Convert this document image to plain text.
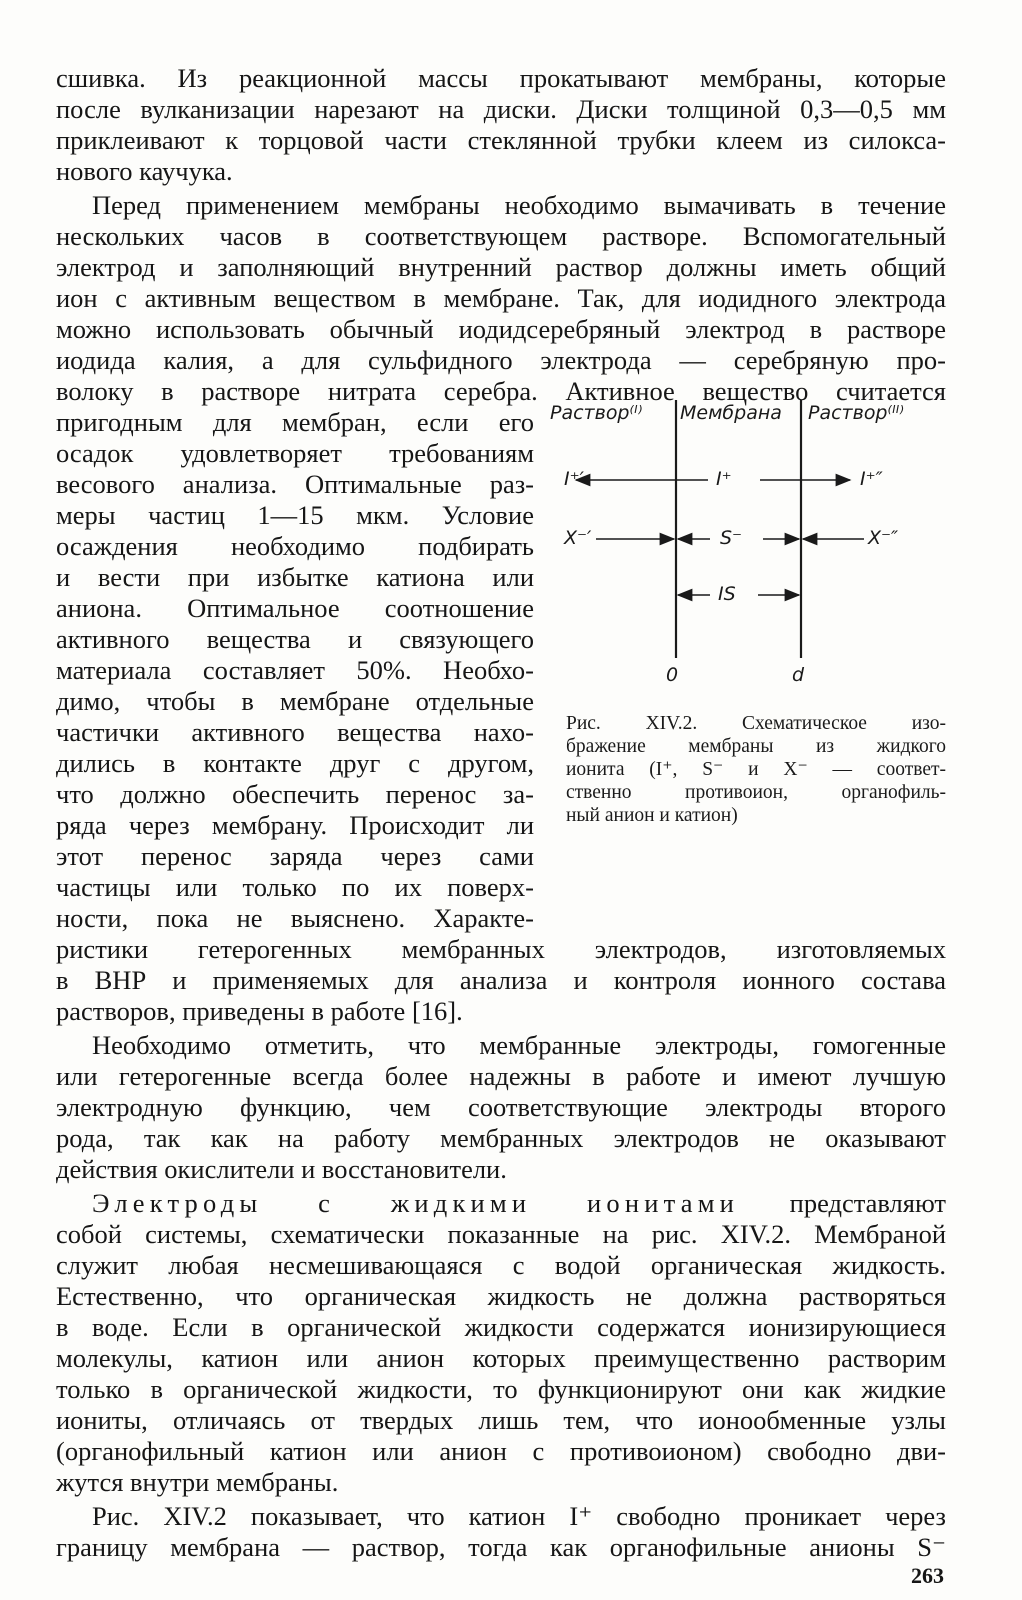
сшивка. Из реакционной массы прокатывают мембраны, которые
после вулканизации нарезают на диски. Диски толщиной 0,3—0,5 мм
приклеивают к торцовой части стеклянной трубки клеем из силокса-
нового каучука.
Перед применением мембраны необходимо вымачивать в течение
нескольких часов в соответствующем растворе. Вспомогательный
электрод и заполняющий внутренний раствор должны иметь общий
ион с активным веществом в мембране. Так, для иодидного электрода
можно использовать обычный иодидсеребряный электрод в растворе
иодида калия, а для сульфидного электрода — серебряную про-
волоку в растворе нитрата серебра. Активное вещество считается
пригодным для мембран, если его
осадок удовлетворяет требованиям
весового анализа. Оптимальные раз-
меры частиц 1—15 мкм. Условие
осаждения необходимо подбирать
и вести при избытке катиона или
аниона. Оптимальное соотношение
активного вещества и связующего
материала составляет 50%. Необхо-
димо, чтобы в мембране отдельные
частички активного вещества нахо-
дились в контакте друг с другом,
что должно обеспечить перенос за-
ряда через мембрану. Происходит ли
этот перенос заряда через сами
частицы или только по их поверх-
ности, пока не выяснено. Характе-
ристики гетерогенных мембранных электродов, изготовляемых
в ВНР и применяемых для анализа и контроля ионного состава
растворов, приведены в работе [16].
Необходимо отметить, что мембранные электроды, гомогенные
или гетерогенные всегда более надежны в работе и имеют лучшую
электродную функцию, чем соответствующие электроды второго
рода, так как на работу мембранных электродов не оказывают
действия окислители и восстановители.
Электроды с жидкими ионитами представляют
собой системы, схематически показанные на рис. XIV.2. Мембраной
служит любая несмешивающаяся с водой органическая жидкость.
Естественно, что органическая жидкость не должна растворяться
в воде. Если в органической жидкости содержатся ионизирующиеся
молекулы, катион или анион которых преимущественно растворим
только в органической жидкости, то функционируют они как жидкие
иониты, отличаясь от твердых лишь тем, что ионообменные узлы
(органофильный катион или анион с противоионом) свободно дви-
жутся внутри мембраны.
Рис. XIV.2 показывает, что катион I⁺ свободно проникает через
границу мембрана — раствор, тогда как органофильные анионы S⁻
263
Раствор⁽ᴵ⁾ Мембрана Раствор⁽ᴵᴵ⁾
I⁺′	I⁺	I⁺″
X⁻′	S⁻	X⁻″
IS
0	d
Рис. XIV.2. Схематическое изо-
бражение мембраны из жидкого
ионита (I⁺, S⁻ и X⁻ — соответ-
ственно противоион, органофиль-
ный анион и катион)
